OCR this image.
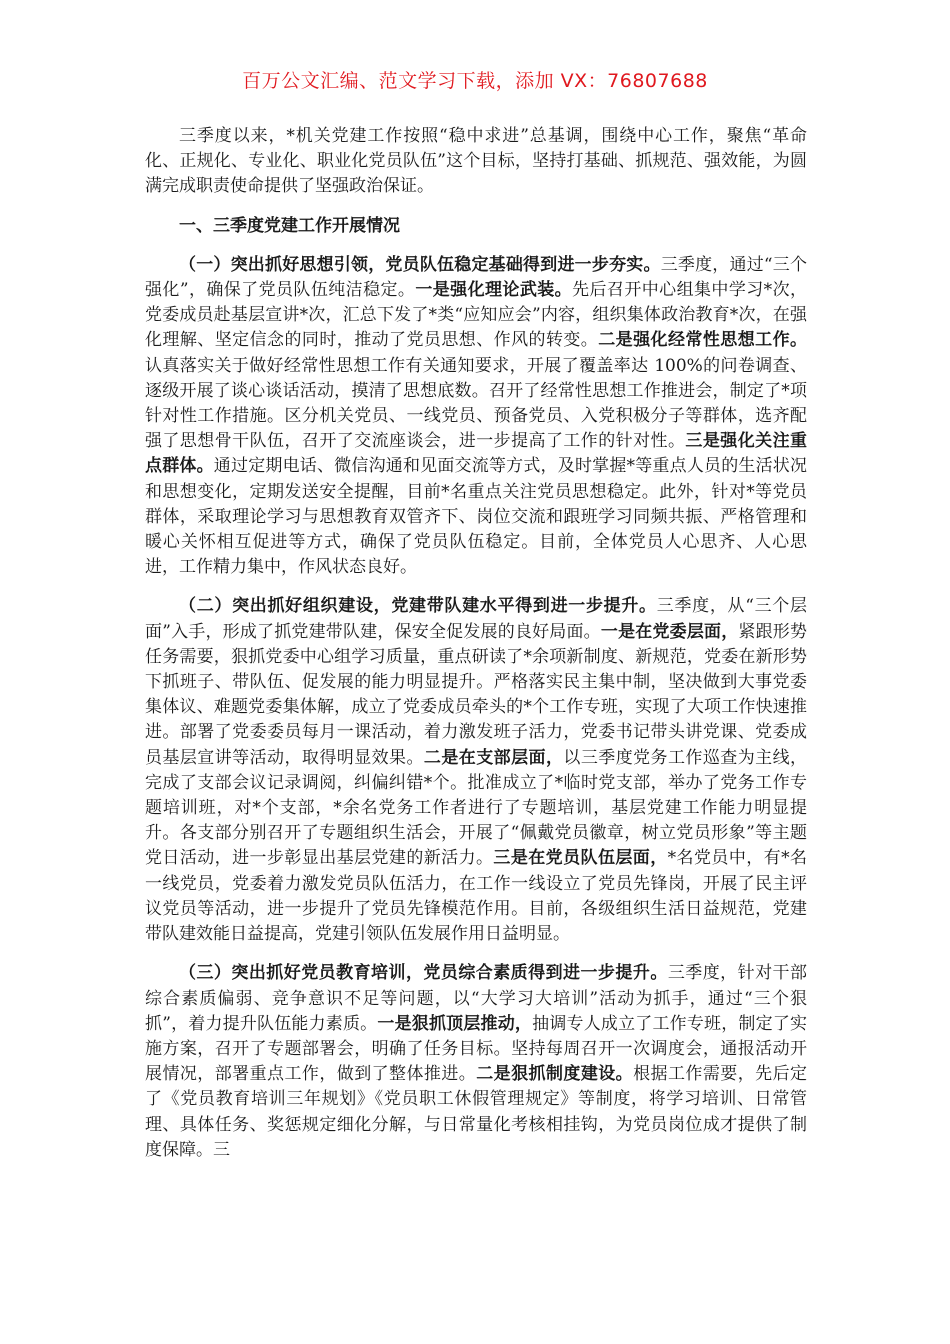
百万公文汇编、范文学习下载，添加 VX：76807688

三季度以来，*机关党建工作按照“稳中求进”总基调，围绕中心工作，聚焦“革命化、正规化、专业化、职业化党员队伍”这个目标，坚持打基础、抓规范、强效能，为圆满完成职责使命提供了坚强政治保证。

一、三季度党建工作开展情况

（一）突出抓好思想引领，党员队伍稳定基础得到进一步夯实。三季度，通过“三个强化”，确保了党员队伍纯洁稳定。一是强化理论武装。先后召开中心组集中学习*次，党委成员赴基层宣讲*次，汇总下发了*类“应知应会”内容，组织集体政治教育*次，在强化理解、坚定信念的同时，推动了党员思想、作风的转变。二是强化经常性思想工作。认真落实关于做好经常性思想工作有关通知要求，开展了覆盖率达 100%的问卷调查、逐级开展了谈心谈话活动，摸清了思想底数。召开了经常性思想工作推进会，制定了*项针对性工作措施。区分机关党员、一线党员、预备党员、入党积极分子等群体，选齐配强了思想骨干队伍，召开了交流座谈会，进一步提高了工作的针对性。三是强化关注重点群体。通过定期电话、微信沟通和见面交流等方式，及时掌握*等重点人员的生活状况和思想变化，定期发送安全提醒，目前*名重点关注党员思想稳定。此外，针对*等党员群体，采取理论学习与思想教育双管齐下、岗位交流和跟班学习同频共振、严格管理和暖心关怀相互促进等方式，确保了党员队伍稳定。目前，全体党员人心思齐、人心思进，工作精力集中，作风状态良好。

（二）突出抓好组织建设，党建带队建水平得到进一步提升。三季度，从“三个层面”入手，形成了抓党建带队建，保安全促发展的良好局面。一是在党委层面，紧跟形势任务需要，狠抓党委中心组学习质量，重点研读了*余项新制度、新规范，党委在新形势下抓班子、带队伍、促发展的能力明显提升。严格落实民主集中制，坚决做到大事党委集体议、难题党委集体解，成立了党委成员牵头的*个工作专班，实现了大项工作快速推进。部署了党委委员每月一课活动，着力激发班子活力，党委书记带头讲党课、党委成员基层宣讲等活动，取得明显效果。二是在支部层面，以三季度党务工作巡查为主线，完成了支部会议记录调阅，纠偏纠错*个。批准成立了*临时党支部，举办了党务工作专题培训班，对*个支部，*余名党务工作者进行了专题培训，基层党建工作能力明显提升。各支部分别召开了专题组织生活会，开展了“佩戴党员徽章，树立党员形象”等主题党日活动，进一步彰显出基层党建的新活力。三是在党员队伍层面，*名党员中，有*名一线党员，党委着力激发党员队伍活力，在工作一线设立了党员先锋岗，开展了民主评议党员等活动，进一步提升了党员先锋模范作用。目前，各级组织生活日益规范，党建带队建效能日益提高，党建引领队伍发展作用日益明显。

（三）突出抓好党员教育培训，党员综合素质得到进一步提升。三季度，针对干部综合素质偏弱、竞争意识不足等问题，以“大学习大培训”活动为抓手，通过“三个狠抓”，着力提升队伍能力素质。一是狠抓顶层推动，抽调专人成立了工作专班，制定了实施方案，召开了专题部署会，明确了任务目标。坚持每周召开一次调度会，通报活动开展情况，部署重点工作，做到了整体推进。二是狠抓制度建设。根据工作需要，先后定了《党员教育培训三年规划》《党员职工休假管理规定》等制度，将学习培训、日常管理、具体任务、奖惩规定细化分解，与日常量化考核相挂钩，为党员岗位成才提供了制度保障。三
